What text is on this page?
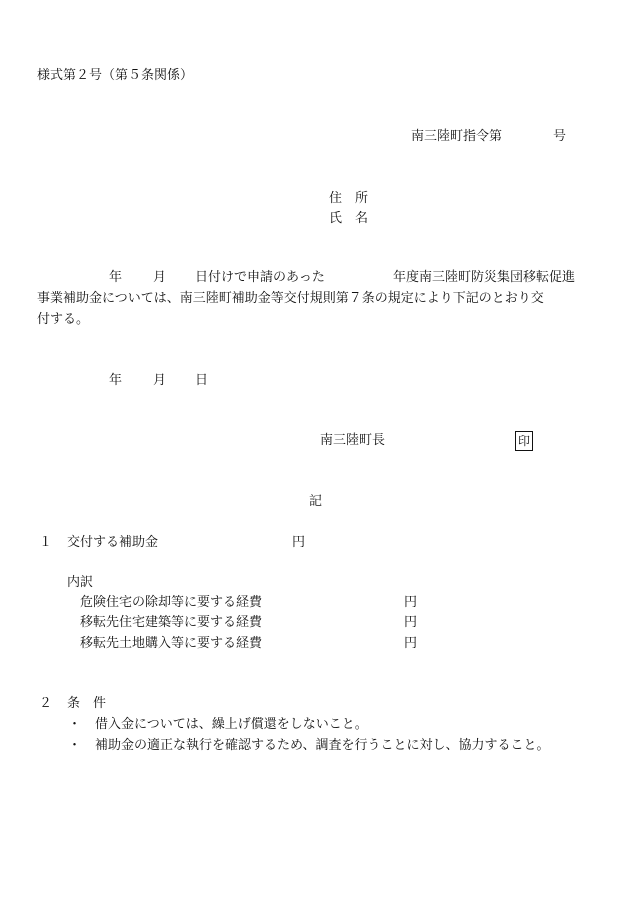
様式第２号（第５条関係）
南三陸町指令第	号
住　所
氏　名
年 月 日付けで申請のあった	年度南三陸町防災集団移転促進
事業補助金については、南三陸町補助金等交付規則第７条の規定により下記のとおり交
付する。
年 月 日
南三陸町長	印
記
１ 交付する補助金	円
内訳
危険住宅の除却等に要する経費	円
移転先住宅建築等に要する経費	円
移転先土地購入等に要する経費	円
２ 条　件
・ 借入金については、繰上げ償還をしないこと。
・ 補助金の適正な執行を確認するため、調査を行うことに対し、協力すること。
